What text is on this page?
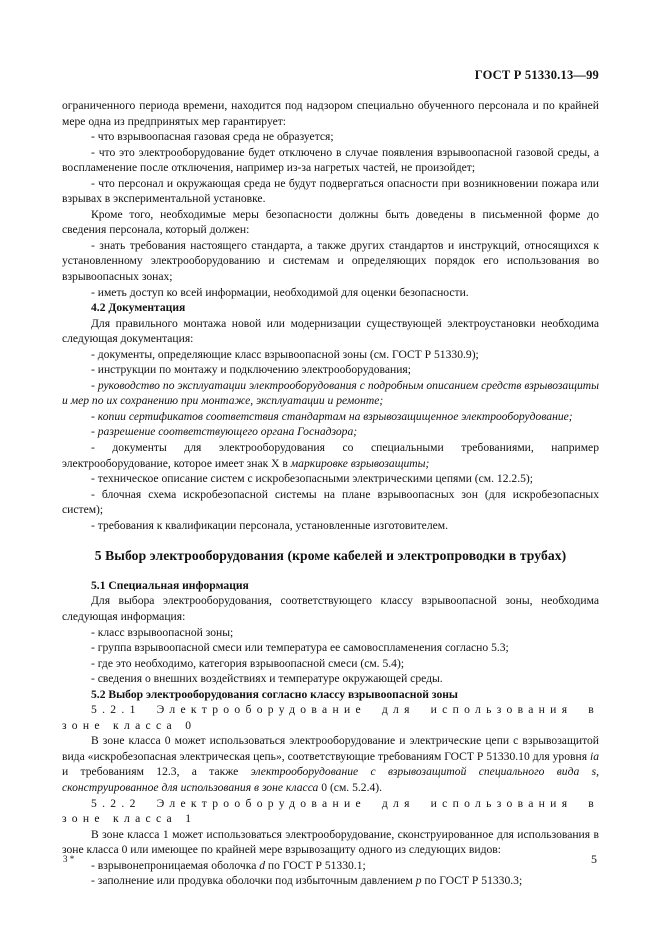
ГОСТ Р 51330.13—99

ограниченного периода времени, находится под надзором специально обученного персонала и по крайней мере одна из предпринятых мер гарантирует:

- что взрывоопасная газовая среда не образуется;

- что это электрооборудование будет отключено в случае появления взрывоопасной газовой среды, а воспламенение после отключения, например из-за нагретых частей, не произойдет;

- что персонал и окружающая среда не будут подвергаться опасности при возникновении пожара или взрывах в экспериментальной установке.

Кроме того, необходимые меры безопасности должны быть доведены в письменной форме до сведения персонала, который должен:

- знать требования настоящего стандарта, а также других стандартов и инструкций, относящихся к установленному электрооборудованию и системам и определяющих порядок его использования во взрывоопасных зонах;

- иметь доступ ко всей информации, необходимой для оценки безопасности.

4.2 Документация

Для правильного монтажа новой или модернизации существующей электроустановки необходима следующая документация:

- документы, определяющие класс взрывоопасной зоны (см. ГОСТ Р 51330.9);

- инструкции по монтажу и подключению электрооборудования;

- руководство по эксплуатации электрооборудования с подробным описанием средств взрывозащиты и мер по их сохранению при монтаже, эксплуатации и ремонте;

- копии сертификатов соответствия стандартам на взрывозащищенное электрооборудование;

- разрешение соответствующего органа Госнадзора;

- документы для электрооборудования со специальными требованиями, например электрооборудование, которое имеет знак X в маркировке взрывозащиты;

- техническое описание систем с искробезопасными электрическими цепями (см. 12.2.5);

- блочная схема искробезопасной системы на плане взрывоопасных зон (для искробезопасных систем);

- требования к квалификации персонала, установленные изготовителем.

5 Выбор электрооборудования (кроме кабелей и электропроводки в трубах)

5.1 Специальная информация

Для выбора электрооборудования, соответствующего классу взрывоопасной зоны, необходима следующая информация:

- класс взрывоопасной зоны;

- группа взрывоопасной смеси или температура ее самовоспламенения согласно 5.3;

- где это необходимо, категория взрывоопасной смеси (см. 5.4);

- сведения о внешних воздействиях и температуре окружающей среды.

5.2 Выбор электрооборудования согласно классу взрывоопасной зоны

5.2.1 Электрооборудование для использования в зоне класса 0

В зоне класса 0 может использоваться электрооборудование и электрические цепи с взрывозащитой вида «искробезопасная электрическая цепь», соответствующие требованиям ГОСТ Р 51330.10 для уровня ia и требованиям 12.3, а также электрооборудование с взрывозащитой специального вида s, сконструированное для использования в зоне класса 0 (см. 5.2.4).

5.2.2 Электрооборудование для использования в зоне класса 1

В зоне класса 1 может использоваться электрооборудование, сконструированное для использования в зоне класса 0 или имеющее по крайней мере взрывозащиту одного из следующих видов:

- взрывонепроницаемая оболочка d по ГОСТ Р 51330.1;

- заполнение или продувка оболочки под избыточным давлением p по ГОСТ Р 51330.3;

3 *	5
